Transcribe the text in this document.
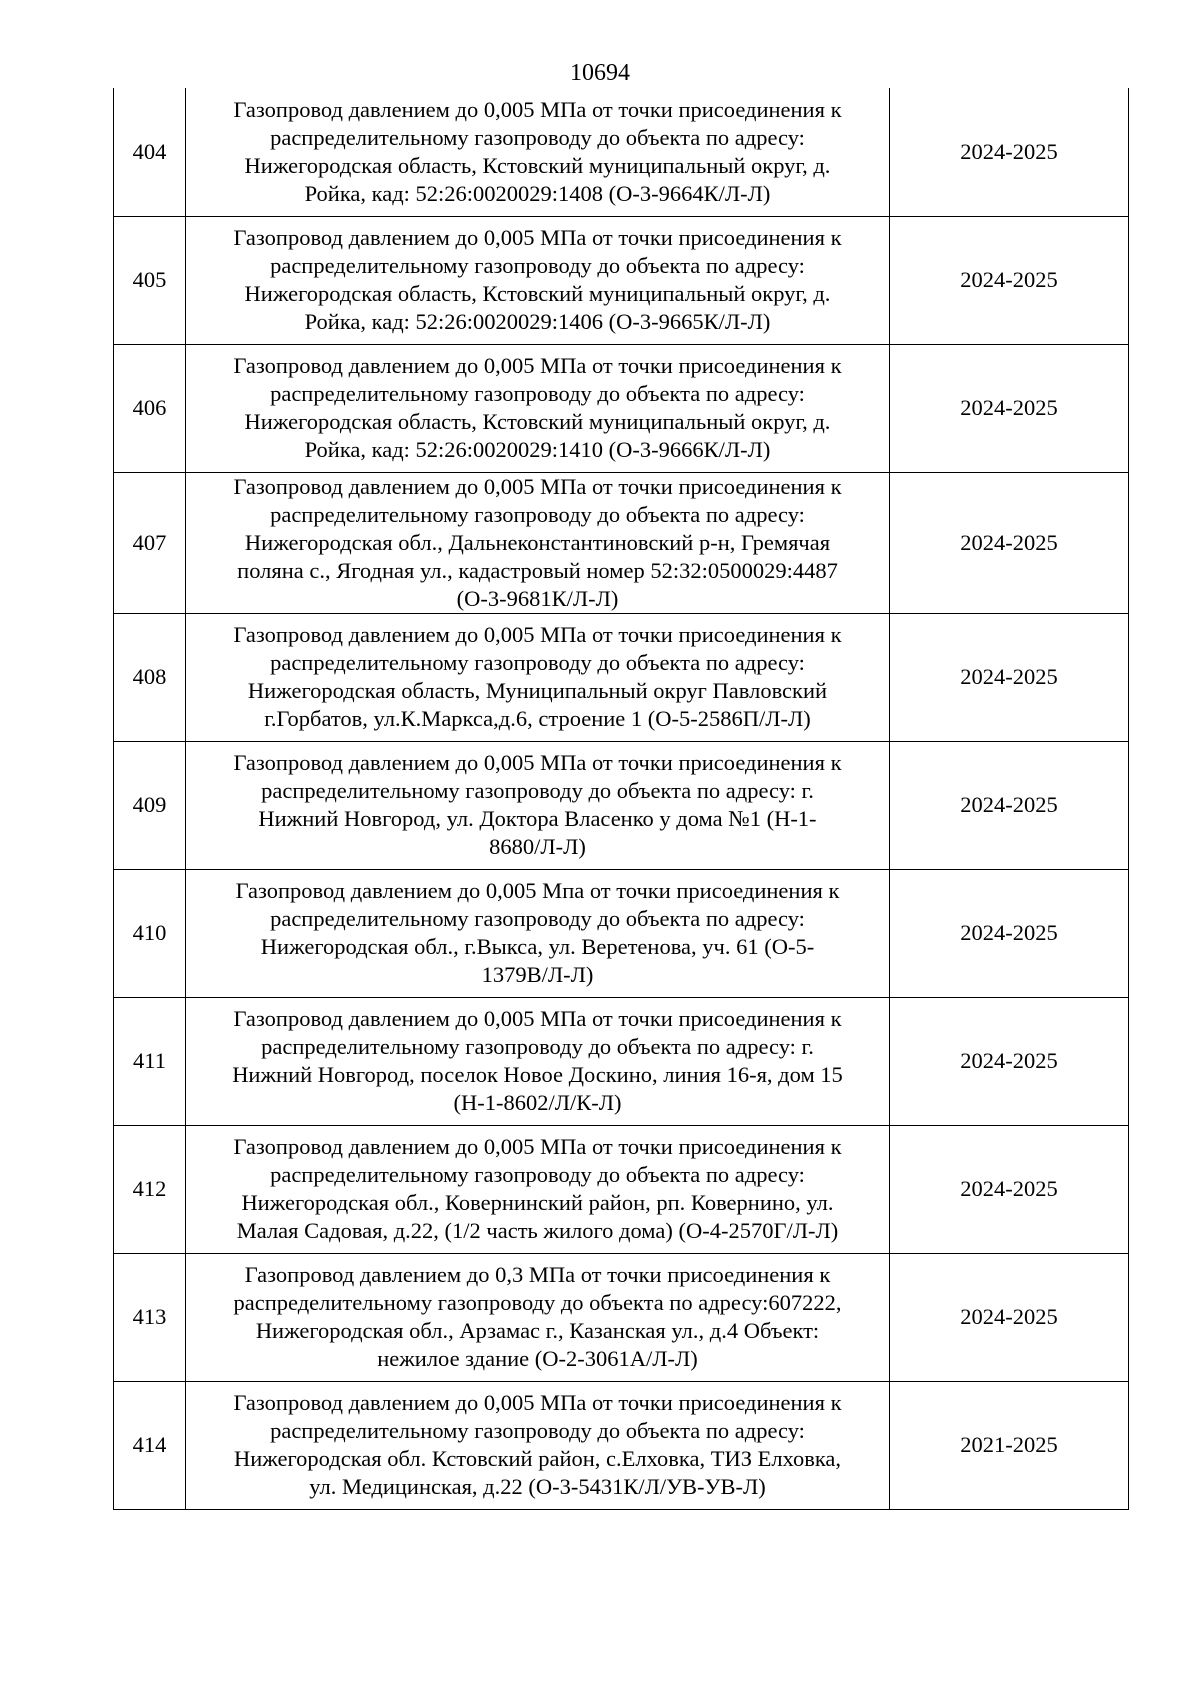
10694
404	Газопровод давлением до 0,005 МПа от точки присоединения к
распределительному газопроводу до объекта по адресу:
Нижегородская область, Кстовский муниципальный округ, д.
Ройка, кад: 52:26:0020029:1408 (О-3-9664К/Л-Л)	2024-2025
405	Газопровод давлением до 0,005 МПа от точки присоединения к
распределительному газопроводу до объекта по адресу:
Нижегородская область, Кстовский муниципальный округ, д.
Ройка, кад: 52:26:0020029:1406 (О-3-9665К/Л-Л)	2024-2025
406	Газопровод давлением до 0,005 МПа от точки присоединения к
распределительному газопроводу до объекта по адресу:
Нижегородская область, Кстовский муниципальный округ, д.
Ройка, кад: 52:26:0020029:1410 (О-3-9666К/Л-Л)	2024-2025
407	Газопровод давлением до 0,005 МПа от точки присоединения к
распределительному газопроводу до объекта по адресу:
Нижегородская обл., Дальнеконстантиновский р-н, Гремячая
поляна с., Ягодная ул., кадастровый номер 52:32:0500029:4487
(О-3-9681К/Л-Л)	2024-2025
408	Газопровод давлением до 0,005 МПа от точки присоединения к
распределительному газопроводу до объекта по адресу:
Нижегородская область, Муниципальный округ Павловский
г.Горбатов, ул.К.Маркса,д.6, строение 1 (О-5-2586П/Л-Л)	2024-2025
409	Газопровод давлением до 0,005 МПа от точки присоединения к
распределительному газопроводу до объекта по адресу: г.
Нижний Новгород, ул. Доктора Власенко у дома №1 (Н-1-
8680/Л-Л)	2024-2025
410	Газопровод давлением до 0,005 Мпа от точки присоединения к
распределительному газопроводу до объекта по адресу:
Нижегородская обл., г.Выкса, ул. Веретенова, уч. 61 (О-5-
1379В/Л-Л)	2024-2025
411	Газопровод давлением до 0,005 МПа от точки присоединения к
распределительному газопроводу до объекта по адресу: г.
Нижний Новгород, поселок Новое Доскино, линия 16-я, дом 15
(Н-1-8602/Л/К-Л)	2024-2025
412	Газопровод давлением до 0,005 МПа от точки присоединения к
распределительному газопроводу до объекта по адресу:
Нижегородская обл., Ковернинский район, рп. Ковернино, ул.
Малая Садовая, д.22, (1/2 часть жилого дома) (О-4-2570Г/Л-Л)	2024-2025
413	Газопровод давлением до 0,3 МПа от точки присоединения к
распределительному газопроводу до объекта по адресу:607222,
Нижегородская обл., Арзамас г., Казанская ул., д.4 Объект:
нежилое здание (О-2-3061А/Л-Л)	2024-2025
414	Газопровод давлением до 0,005 МПа от точки присоединения к
распределительному газопроводу до объекта по адресу:
Нижегородская обл. Кстовский район, с.Елховка, ТИЗ Елховка,
ул. Медицинская, д.22 (О-3-5431К/Л/УВ-УВ-Л)	2021-2025
